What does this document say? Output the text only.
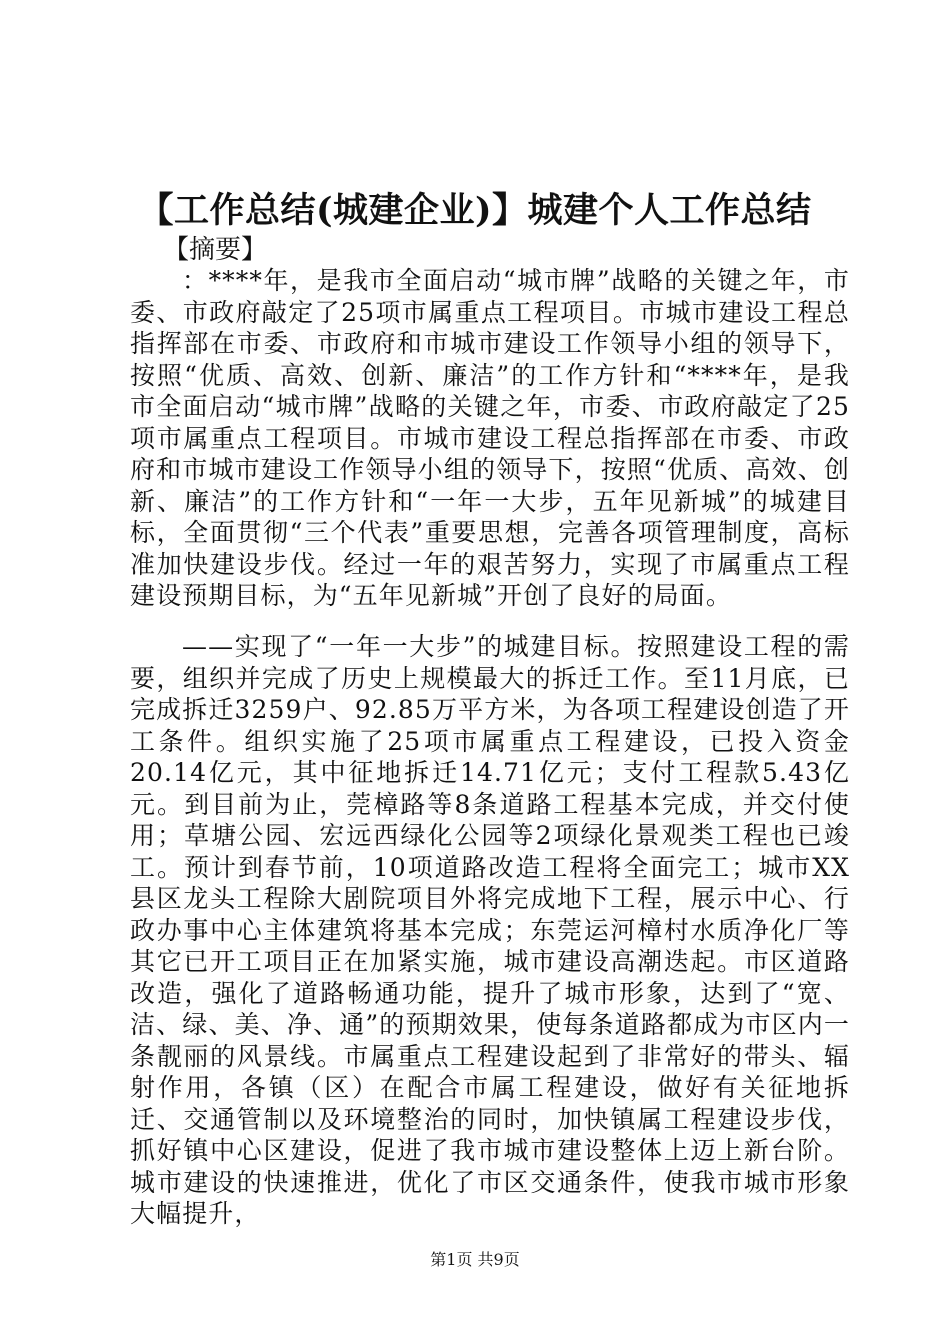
【工作总结(城建企业)】城建个人工作总结
【摘要】

：****年，是我市全面启动“城市牌”战略的关键之年，市委、市政府敲定了25项市属重点工程项目。市城市建设工程总指挥部在市委、市政府和市城市建设工作领导小组的领导下，按照“优质、高效、创新、廉洁”的工作方针和“****年，是我市全面启动“城市牌”战略的关键之年，市委、市政府敲定了25项市属重点工程项目。市城市建设工程总指挥部在市委、市政府和市城市建设工作领导小组的领导下，按照“优质、高效、创新、廉洁”的工作方针和“一年一大步，五年见新城”的城建目标，全面贯彻“三个代表”重要思想，完善各项管理制度，高标准加快建设步伐。经过一年的艰苦努力，实现了市属重点工程建设预期目标，为“五年见新城”开创了良好的局面。

——实现了“一年一大步”的城建目标。按照建设工程的需要，组织并完成了历史上规模最大的拆迁工作。至11月底，已完成拆迁3259户、92.85万平方米，为各项工程建设创造了开工条件。组织实施了25项市属重点工程建设，已投入资金20.14亿元，其中征地拆迁14.71亿元；支付工程款5.43亿元。到目前为止，莞樟路等8条道路工程基本完成，并交付使用；草塘公园、宏远西绿化公园等2项绿化景观类工程也已竣工。预计到春节前，10项道路改造工程将全面完工；城市XX县区龙头工程除大剧院项目外将完成地下工程，展示中心、行政办事中心主体建筑将基本完成；东莞运河樟村水质净化厂等其它已开工项目正在加紧实施，城市建设高潮迭起。市区道路改造，强化了道路畅通功能，提升了城市形象，达到了“宽、洁、绿、美、净、通”的预期效果，使每条道路都成为市区内一条靓丽的风景线。市属重点工程建设起到了非常好的带头、辐射作用，各镇（区）在配合市属工程建设，做好有关征地拆迁、交通管制以及环境整治的同时，加快镇属工程建设步伐，抓好镇中心区建设，促进了我市城市建设整体上迈上新台阶。城市建设的快速推进，优化了市区交通条件，使我市城市形象大幅提升，

第1页 共9页
